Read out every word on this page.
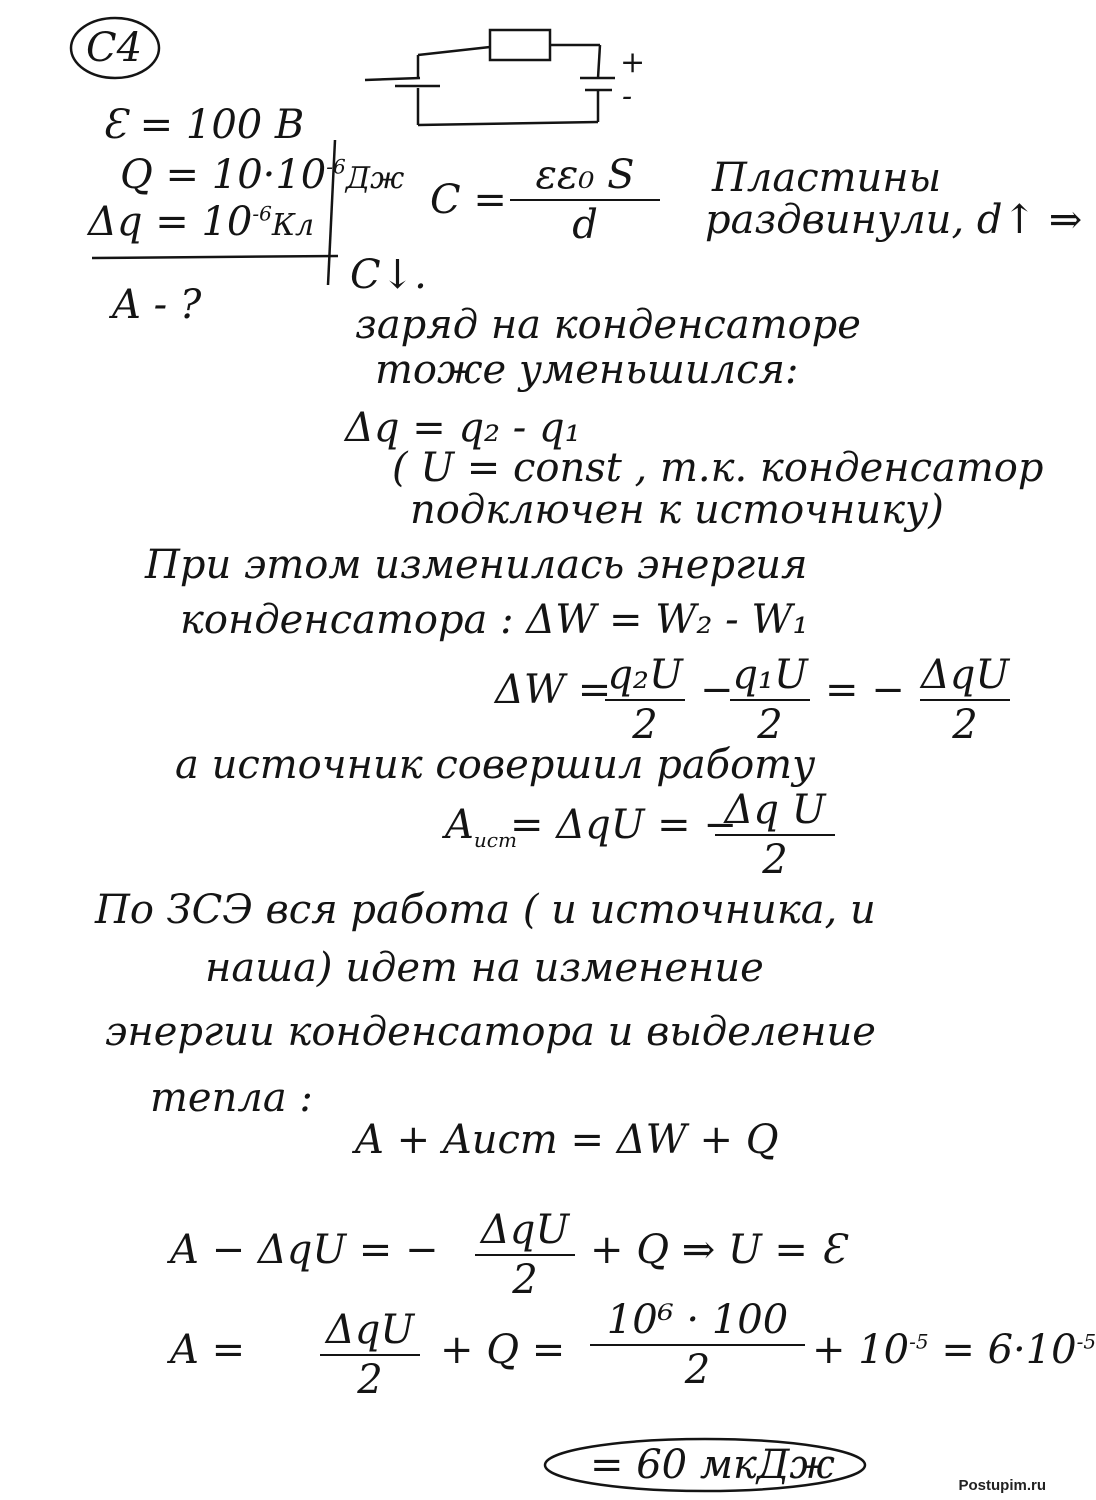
С4
Ɛ = 100 В
$Q = 10\cdot 10^{-6}Дж$
$\Delta q = 10^{-6}Кл$
A - ?
+
-
C =
εε₀ S
d
Пластины
раздвинули, d↑ ⇒
C↓.
заряд на конденсаторе
тоже уменьшился:
Δq = q₂ - q₁
( U = const , т.к. конденсатор
подключен к источнику)
При этом изменилась энергия
конденсатора : ΔW = W₂ - W₁
ΔW =
q₂U
2
−
q₁U
2
= − ΔqU
2
а источник совершил работу
$A_{ист}$
= ΔqU = −
Δq U
2
По ЗСЭ вся работа ( и источника, и
наша) идет на изменение
энергии конденсатора и выделение
тепла :
A + Aист = ΔW + Q
A − ΔqU = − ΔqU
2
+ Q ⇒ U = Ɛ
A = ΔqU
2
+ Q =
10⁶ · 100
2	+ $10^{-5} = 6\cdot 10^{-5}$
= 60 мкДж	Postupim.ru
